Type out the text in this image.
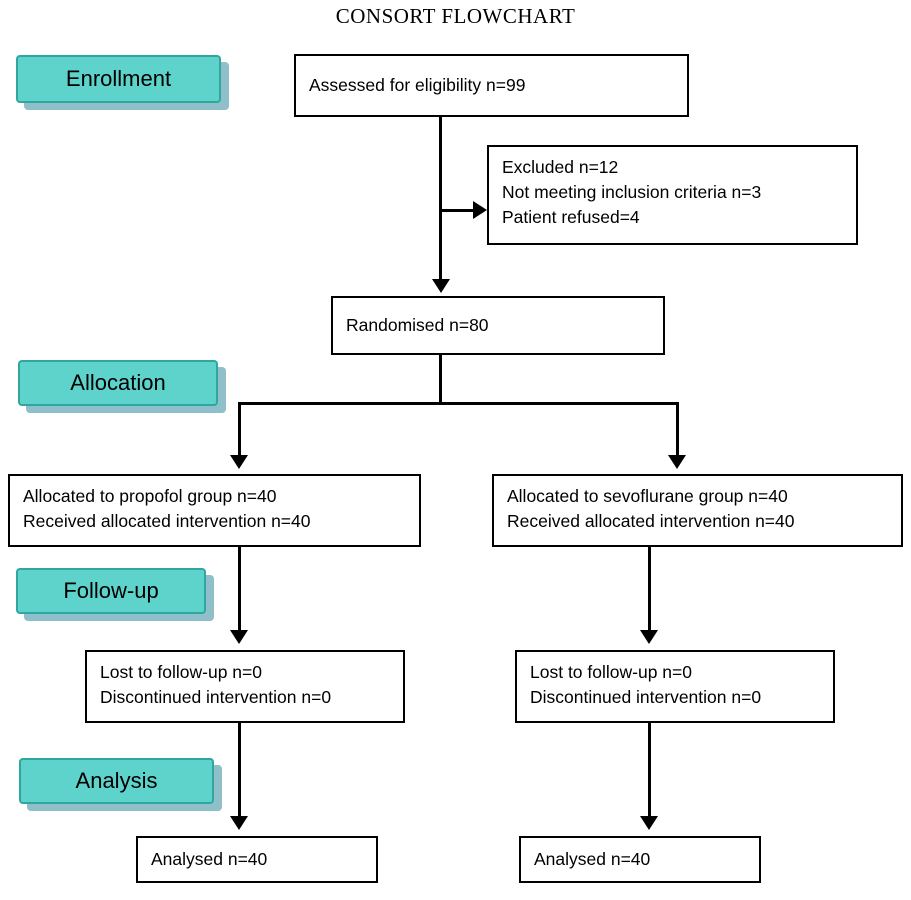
CONSORT FLOWCHART
Enrollment
Allocation
Follow-up
Analysis
Assessed for eligibility n=99
Excluded n=12
Not meeting inclusion criteria n=3
Patient refused=4
Randomised n=80
Allocated to propofol group n=40
Received allocated intervention n=40
Allocated to sevoflurane group n=40
Received allocated intervention n=40
Lost to follow-up n=0
Discontinued intervention n=0
Lost to follow-up n=0
Discontinued intervention n=0
Analysed n=40	Analysed n=40
